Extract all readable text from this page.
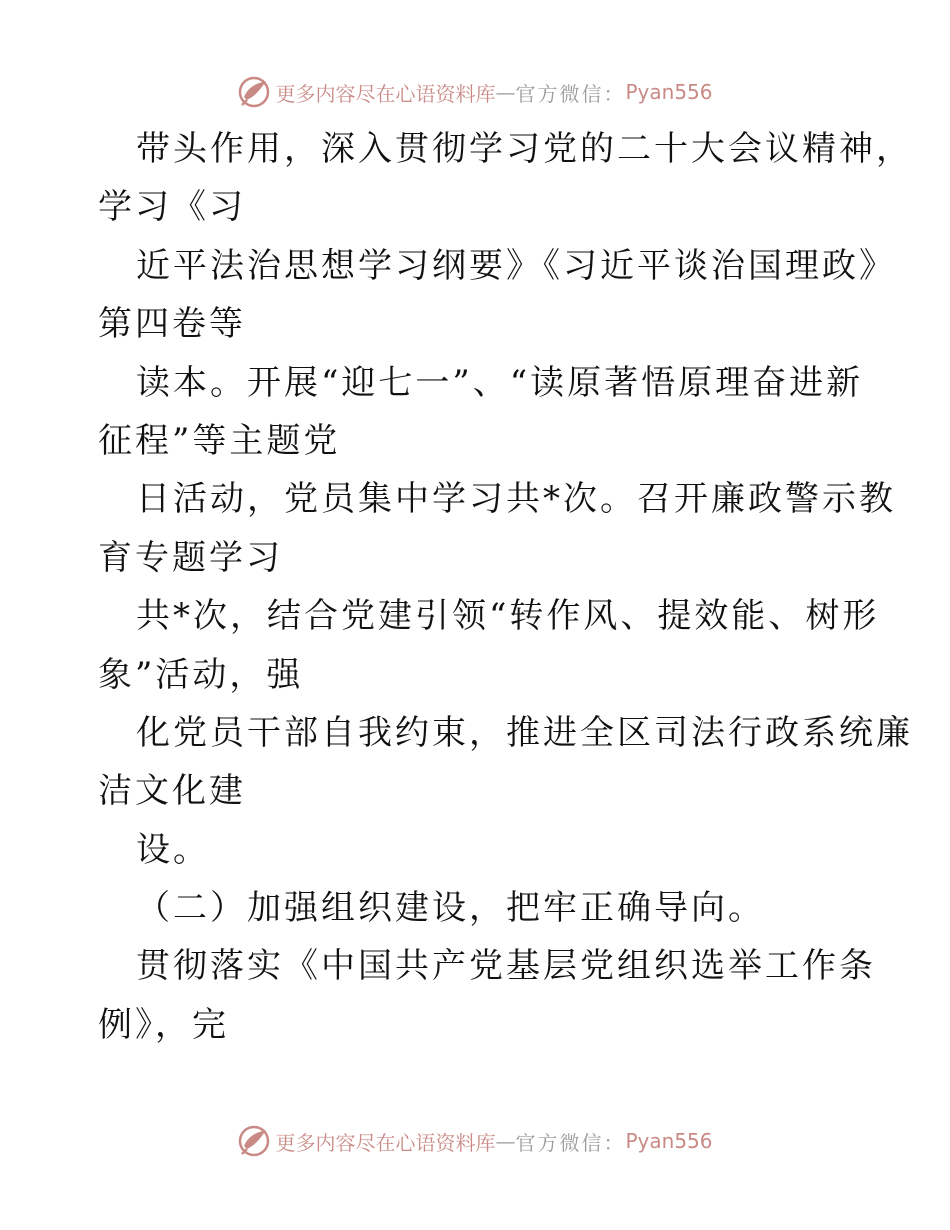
更多内容尽在心语资料库 — 官方微信： Pyan556
带头作用，深入贯彻学习党的二十大会议精神，
学习《习
近平法治思想学习纲要》《习近平谈治国理政》
第四卷等
读本。开展“迎七一”、“读原著悟原理奋进新
征程”等主题党
日活动，党员集中学习共*次。召开廉政警示教
育专题学习
共*次，结合党建引领“转作风、提效能、树形
象”活动，强
化党员干部自我约束，推进全区司法行政系统廉
洁文化建
设。
（二）加强组织建设，把牢正确导向。
贯彻落实《中国共产党基层党组织选举工作条
例》，完
更多内容尽在心语资料库 — 官方微信： Pyan556
